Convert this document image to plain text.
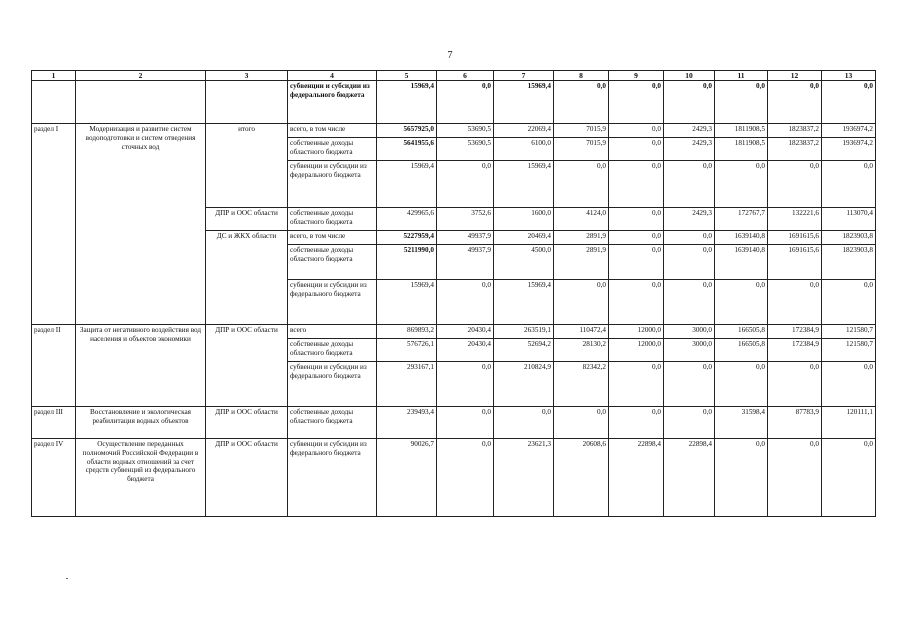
7
1	2	3	4	5	6	7	8	9	10	11	12	13
			субвенции и субсидии из федерального бюджета	15969,4	0,0	15969,4	0,0	0,0	0,0	0,0	0,0	0,0
раздел I	Модернизация и развитие систем водоподготовки и систем отведения сточных вод	итого	всего, в том числе	5657925,0	53690,5	22069,4	7015,9	0,0	2429,3	1811908,5	1823837,2	1936974,2
			собственные доходы областного бюджета	5641955,6	53690,5	6100,0	7015,9	0,0	2429,3	1811908,5	1823837,2	1936974,2
			субвенции и субсидии из федерального бюджета	15969,4	0,0	15969,4	0,0	0,0	0,0	0,0	0,0	0,0
		ДПР и ООС области	собственные доходы областного бюджета	429965,6	3752,6	1600,0	4124,0	0,0	2429,3	172767,7	132221,6	113070,4
		ДС и ЖКХ области	всего, в том числе	5227959,4	49937,9	20469,4	2891,9	0,0	0,0	1639140,8	1691615,6	1823903,8
			собственные доходы областного бюджета	5211990,0	49937,9	4500,0	2891,9	0,0	0,0	1639140,8	1691615,6	1823903,8
			субвенции и субсидии из федерального бюджета	15969,4	0,0	15969,4	0,0	0,0	0,0	0,0	0,0	0,0
раздел II	Защита от негативного воздействия вод населения и объектов экономики	ДПР и ООС области	всего	869893,2	20430,4	263519,1	110472,4	12000,0	3000,0	166505,8	172384,9	121580,7
			собственные доходы областного бюджета	576726,1	20430,4	52694,2	28130,2	12000,0	3000,0	166505,8	172384,9	121580,7
			субвенции и субсидии из федерального бюджета	293167,1	0,0	210824,9	82342,2	0,0	0,0	0,0	0,0	0,0
раздел III	Восстановление и экологическая реабилитация водных объектов	ДПР и ООС области	собственные доходы областного бюджета	239493,4	0,0	0,0	0,0	0,0	0,0	31598,4	87783,9	120111,1
раздел IV	Осуществление переданных полномочий Российской Федерации в области водных отношений за счет средств субвенций из федерального бюджета	ДПР и ООС области	субвенции и субсидии из федерального бюджета	90026,7	0,0	23621,3	20608,6	22898,4	22898,4	0,0	0,0	0,0
